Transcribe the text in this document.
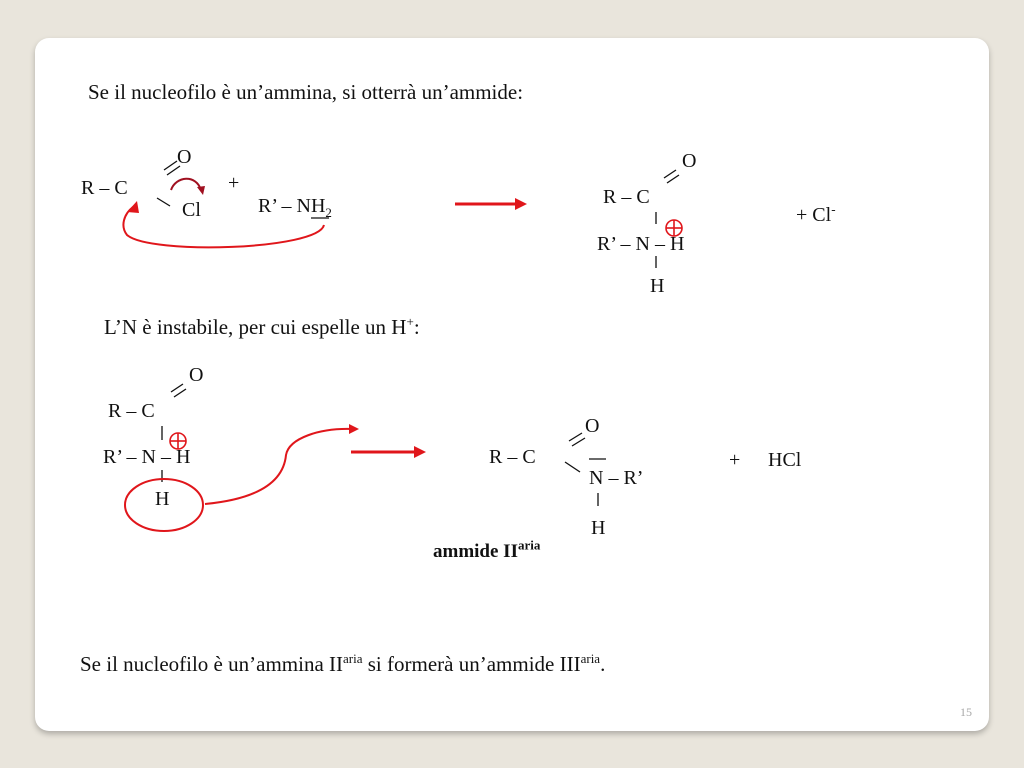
Se il nucleofilo è un’ammina, si otterrà un’ammide:
R – C
O
Cl
+
R’ – $NH_2$
O
R – C
R’ – N – H
H
+ Cl-
L’N è instabile, per cui espelle un H+:
O
R – C
R’ – N – H
H
O
R – C
N – R’
H
+ HCl
ammide $II^{aria}$
Se il nucleofilo è un’ammina $II^{aria}$ si formerà un’ammide $III^{aria}$.
15
